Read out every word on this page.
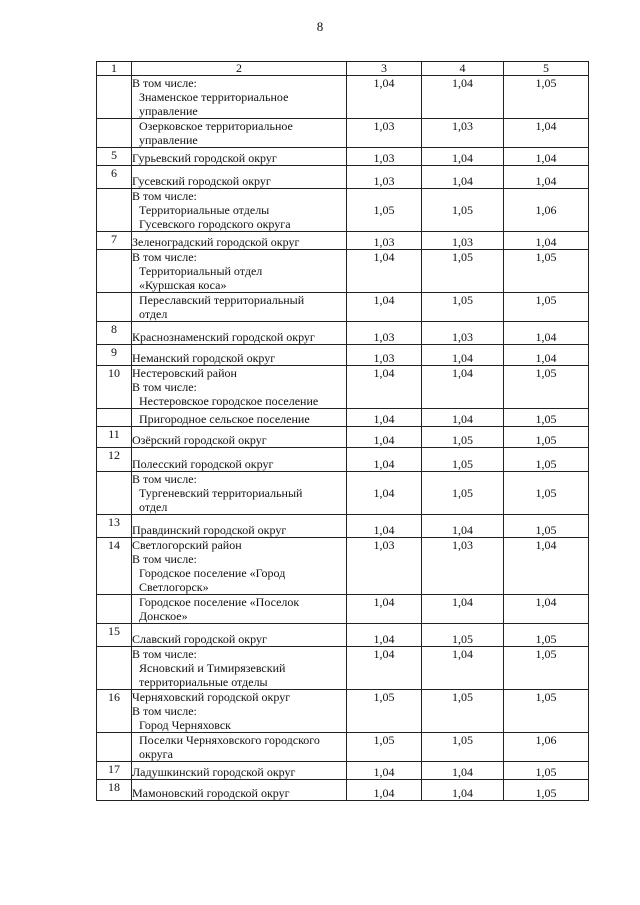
8
1	2	3	4	5

	В том числе:
Знаменское территориальное
управление	1,04	1,04	1,05

	Озерковское территориальное
управление	1,03	1,03	1,04
5	Гурьевский городской округ	1,03	1,04	1,04
6	Гусевский городской округ	1,03	1,04	1,04

	В том числе:
Территориальные отделы
Гусевского городского округа	1,05	1,05	1,06
7	Зеленоградский городской округ	1,03	1,03	1,04

	В том числе:
Территориальный отдел
«Куршская коса»	1,04	1,05	1,05

	Переславский территориальный
отдел	1,04	1,05	1,05
8	Краснознаменский городской округ	1,03	1,03	1,04
9	Неманский городской округ	1,03	1,04	1,04
10	Нестеровский район
В том числе:
Нестеровское городское поселение	1,04	1,04	1,05

	Пригородное сельское поселение	1,04	1,04	1,05
11	Озёрский городской округ	1,04	1,05	1,05
12	Полесский городской округ	1,04	1,05	1,05

	В том числе:
Тургеневский территориальный
отдел	1,04	1,05	1,05
13	Правдинский городской округ	1,04	1,04	1,05
14	Светлогорский район
В том числе:
Городское поселение «Город
Светлогорск»	1,03	1,03	1,04

	Городское поселение «Поселок
Донское»	1,04	1,04	1,04
15	Славский городской округ	1,04	1,05	1,05

	В том числе:
Ясновский и Тимирязевский
территориальные отделы	1,04	1,04	1,05
16	Черняховский городской округ
В том числе:
Город Черняховск	1,05	1,05	1,05

	Поселки Черняховского городского
округа	1,05	1,05	1,06
17	Ладушкинский городской округ	1,04	1,04	1,05
18	Мамоновский городской округ	1,04	1,04	1,05
